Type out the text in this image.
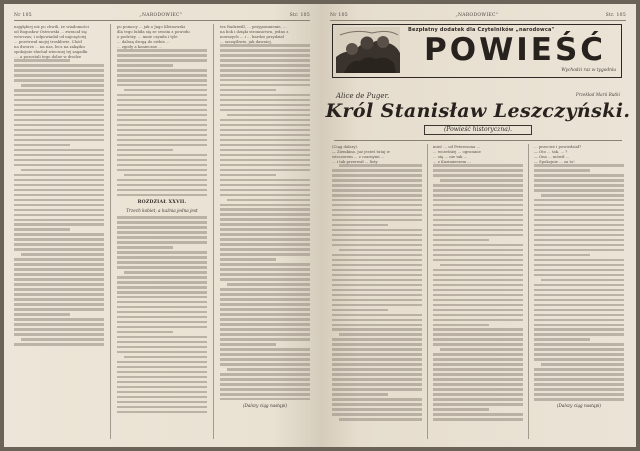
Nr 105	„NARODOWIEC"	Str. 105
najgłębiej niż po chwili, że wiadomości
od Bogusław Ostrowski ... zwracał się
wówczas; i odpowiadał od najczęściej
... przetrwał mojej troskliwie. Chód
na dworze ... na nas, lecz na zakątku
spokojnie słuchał wiecznej tej zagadki
..., a pozostali tego dolne w drodze
po pomocy ... jak o Jago Kleinowski
dla tego lubiła się ze swoim z powodu
o podróży. ... mnie czyniła i tyle
... dalszą drogą do siebie ...
... zgody a konieczne ...
ROZDZIAŁ XXVII.
Trzech kobiet, a kuźnia jedna jest
tez Radziwill, ... przypomnienie, ...
na bok i dzięki stronnictwu, jedno z
nowszych ... i ... bardzo przydział
... szczęśliwie, jak dawniej.
(Dalszy ciąg nastąpi)
Nr 105	„NARODOWIEC"	Str. 105
Bezpłatny dodatek dla Czytelników „narodowca"
POWIEŚĆ
Wychodzi raz w tygodniu
Alice de Puger.	Przekład Marii Rutki
Król Stanisław Leszczyński.
(Powieść historyczna).
(Ciąg dalszy).
— Ziemkino, już jesteś tutaj w
wieczorem ... z czarnymi ...
... i tak przerwał ... listy
mieć ... od Peterssona ...
... wcześniej ... ogromnie
... się ... nie tak ...
... z Kazimierzem ...
... przecież i powiedział?
— Oto ... tak, ... ?
— Ona ... mówił ...
— Spokojnie ... za to!
(Dalszy ciąg nastąpi)
